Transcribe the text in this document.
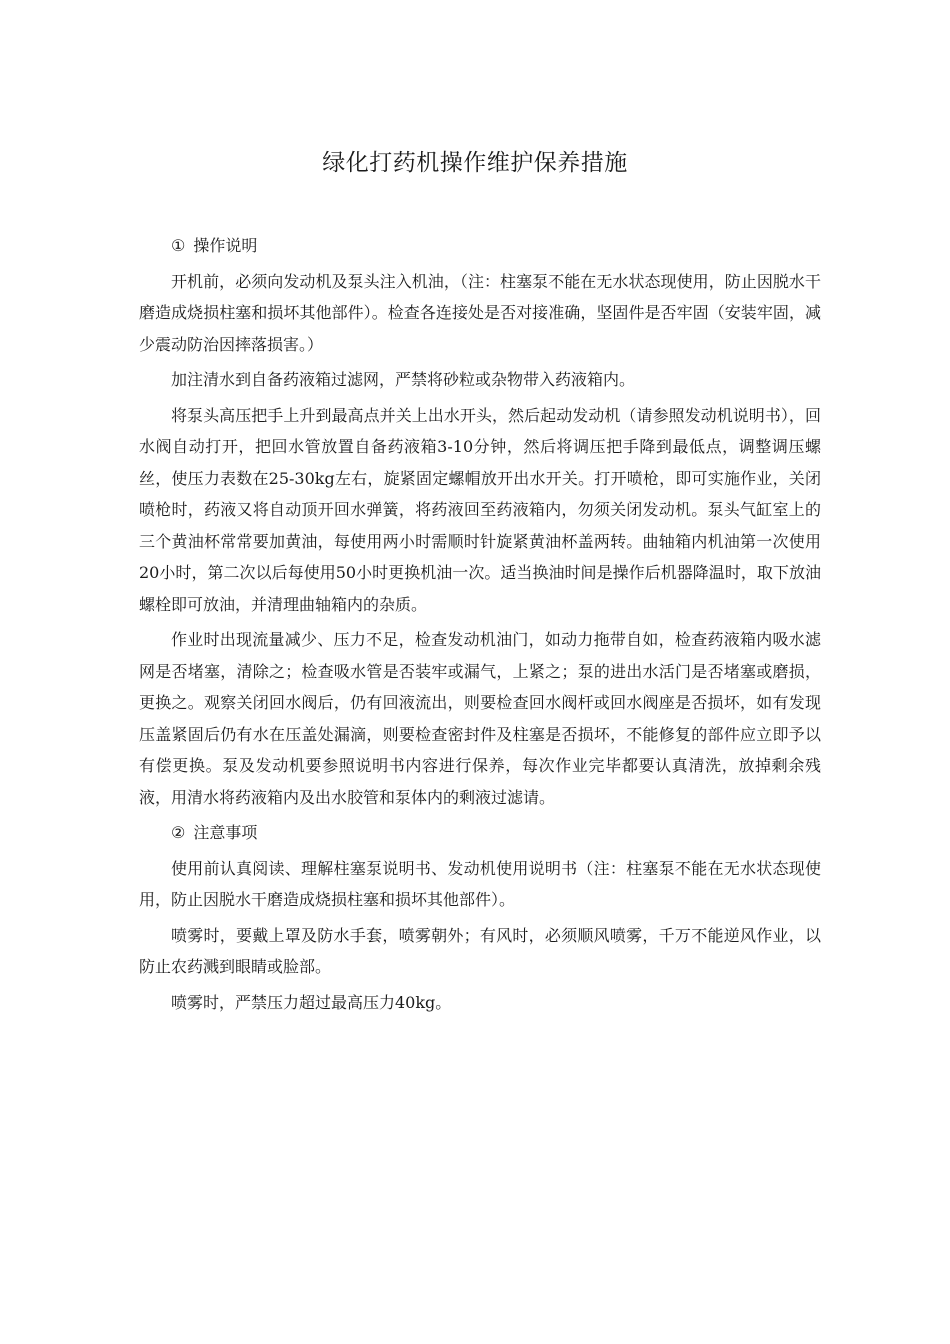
绿化打药机操作维护保养措施

① 操作说明

开机前，必须向发动机及泵头注入机油，（注：柱塞泵不能在无水状态现使用，防止因脱水干磨造成烧损柱塞和损坏其他部件）。检查各连接处是否对接准确，坚固件是否牢固（安装牢固，减少震动防治因摔落损害。）

加注清水到自备药液箱过滤网，严禁将砂粒或杂物带入药液箱内。

将泵头高压把手上升到最高点并关上出水开头，然后起动发动机（请参照发动机说明书），回水阀自动打开，把回水管放置自备药液箱3-10分钟，然后将调压把手降到最低点，调整调压螺丝，使压力表数在25-30kg左右，旋紧固定螺帽放开出水开关。打开喷枪，即可实施作业，关闭喷枪时，药液又将自动顶开回水弹簧，将药液回至药液箱内，勿须关闭发动机。泵头气缸室上的三个黄油杯常常要加黄油，每使用两小时需顺时针旋紧黄油杯盖两转。曲轴箱内机油第一次使用20小时，第二次以后每使用50小时更换机油一次。适当换油时间是操作后机器降温时，取下放油螺栓即可放油，并清理曲轴箱内的杂质。

作业时出现流量减少、压力不足，检查发动机油门，如动力拖带自如，检查药液箱内吸水滤网是否堵塞，清除之；检查吸水管是否装牢或漏气，上紧之；泵的进出水活门是否堵塞或磨损，更换之。观察关闭回水阀后，仍有回液流出，则要检查回水阀杆或回水阀座是否损坏，如有发现压盖紧固后仍有水在压盖处漏滴，则要检查密封件及柱塞是否损坏，不能修复的部件应立即予以有偿更换。泵及发动机要参照说明书内容进行保养，每次作业完毕都要认真清洗，放掉剩余残液，用清水将药液箱内及出水胶管和泵体内的剩液过滤请。

② 注意事项

使用前认真阅读、理解柱塞泵说明书、发动机使用说明书（注：柱塞泵不能在无水状态现使用，防止因脱水干磨造成烧损柱塞和损坏其他部件）。

喷雾时，要戴上罩及防水手套，喷雾朝外；有风时，必须顺风喷雾，千万不能逆风作业，以防止农药溅到眼睛或脸部。

喷雾时，严禁压力超过最高压力40kg。
